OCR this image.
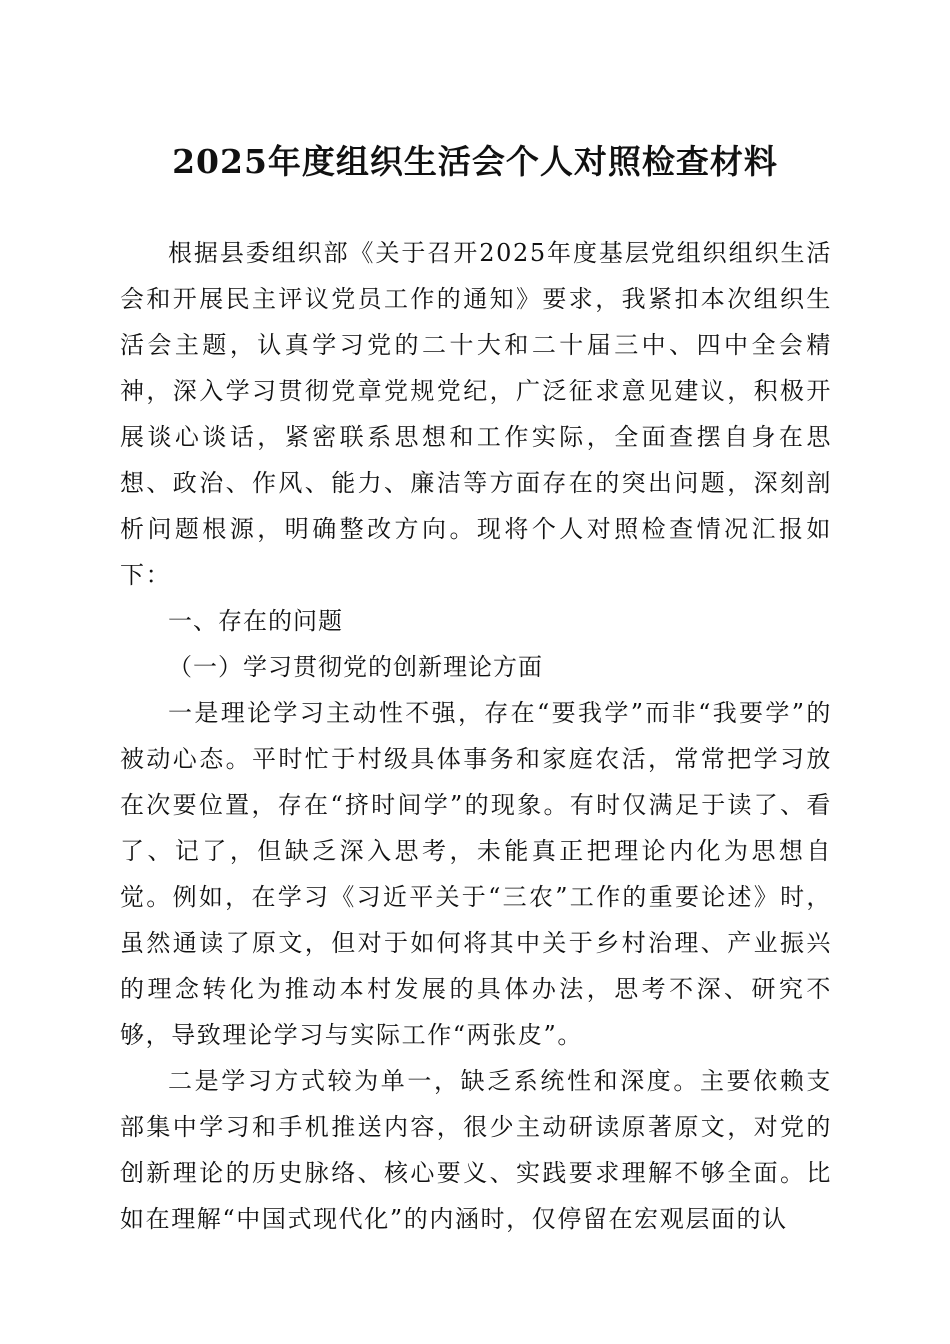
2025年度组织生活会个人对照检查材料

根据县委组织部《关于召开2025年度基层党组织组织生活会和开展民主评议党员工作的通知》要求，我紧扣本次组织生活会主题，认真学习党的二十大和二十届三中、四中全会精神，深入学习贯彻党章党规党纪，广泛征求意见建议，积极开展谈心谈话，紧密联系思想和工作实际，全面查摆自身在思想、政治、作风、能力、廉洁等方面存在的突出问题，深刻剖析问题根源，明确整改方向。现将个人对照检查情况汇报如下：

一、存在的问题

（一）学习贯彻党的创新理论方面

一是理论学习主动性不强，存在“要我学”而非“我要学”的被动心态。平时忙于村级具体事务和家庭农活，常常把学习放在次要位置，存在“挤时间学”的现象。有时仅满足于读了、看了、记了，但缺乏深入思考，未能真正把理论内化为思想自觉。例如，在学习《习近平关于“三农”工作的重要论述》时，虽然通读了原文，但对于如何将其中关于乡村治理、产业振兴的理念转化为推动本村发展的具体办法，思考不深、研究不够，导致理论学习与实际工作“两张皮”。

二是学习方式较为单一，缺乏系统性和深度。主要依赖支部集中学习和手机推送内容，很少主动研读原著原文，对党的创新理论的历史脉络、核心要义、实践要求理解不够全面。比如在理解“中国式现代化”的内涵时，仅停留在宏观层面的认
